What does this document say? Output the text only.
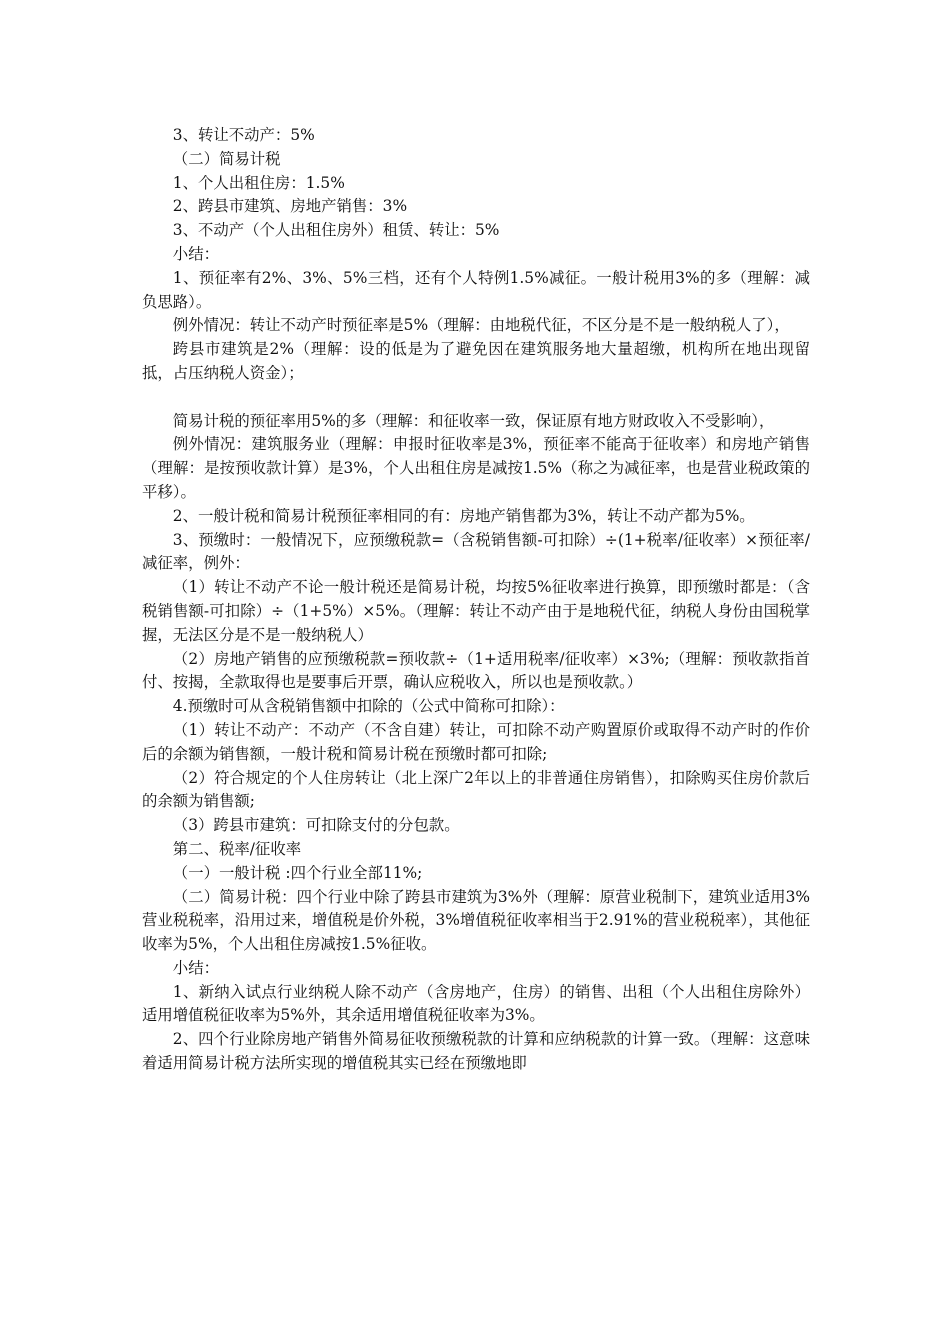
3、转让不动产：5%

（二）简易计税

1、个人出租住房：1.5%

2、跨县市建筑、房地产销售：3%

3、不动产（个人出租住房外）租赁、转让：5%

小结：

1、预征率有2%、3%、5%三档，还有个人特例1.5%减征。一般计税用3%的多（理解：减负思路）。

例外情况：转让不动产时预征率是5%（理解：由地税代征，不区分是不是一般纳税人了），

跨县市建筑是2%（理解：设的低是为了避免因在建筑服务地大量超缴，机构所在地出现留抵，占压纳税人资金）；

简易计税的预征率用5%的多（理解：和征收率一致，保证原有地方财政收入不受影响），

例外情况：建筑服务业（理解：申报时征收率是3%，预征率不能高于征收率）和房地产销售（理解：是按预收款计算）是3%，个人出租住房是减按1.5%（称之为减征率，也是营业税政策的平移）。

2、一般计税和简易计税预征率相同的有：房地产销售都为3%，转让不动产都为5%。

3、预缴时：一般情况下，应预缴税款=（含税销售额-可扣除）÷(1+税率/征收率）×预征率/减征率，例外：

（1）转让不动产不论一般计税还是简易计税，均按5%征收率进行换算，即预缴时都是：（含税销售额-可扣除）÷（1+5%）×5%。（理解：转让不动产由于是地税代征，纳税人身份由国税掌握，无法区分是不是一般纳税人）

（2）房地产销售的应预缴税款=预收款÷（1+适用税率/征收率）×3%;（理解：预收款指首付、按揭，全款取得也是要事后开票，确认应税收入，所以也是预收款。）

4.预缴时可从含税销售额中扣除的（公式中简称可扣除）：

（1）转让不动产：不动产（不含自建）转让，可扣除不动产购置原价或取得不动产时的作价后的余额为销售额，一般计税和简易计税在预缴时都可扣除;

（2）符合规定的个人住房转让（北上深广2年以上的非普通住房销售），扣除购买住房价款后的余额为销售额;

（3）跨县市建筑：可扣除支付的分包款。

第二、税率/征收率

（一）一般计税 :四个行业全部11%;

（二）简易计税：四个行业中除了跨县市建筑为3%外（理解：原营业税制下，建筑业适用3%营业税税率，沿用过来，增值税是价外税，3%增值税征收率相当于2.91%的营业税税率），其他征收率为5%，个人出租住房减按1.5%征收。

小结：

1、新纳入试点行业纳税人除不动产（含房地产，住房）的销售、出租（个人出租住房除外）适用增值税征收率为5%外，其余适用增值税征收率为3%。

2、四个行业除房地产销售外简易征收预缴税款的计算和应纳税款的计算一致。（理解：这意味着适用简易计税方法所实现的增值税其实已经在预缴地即
